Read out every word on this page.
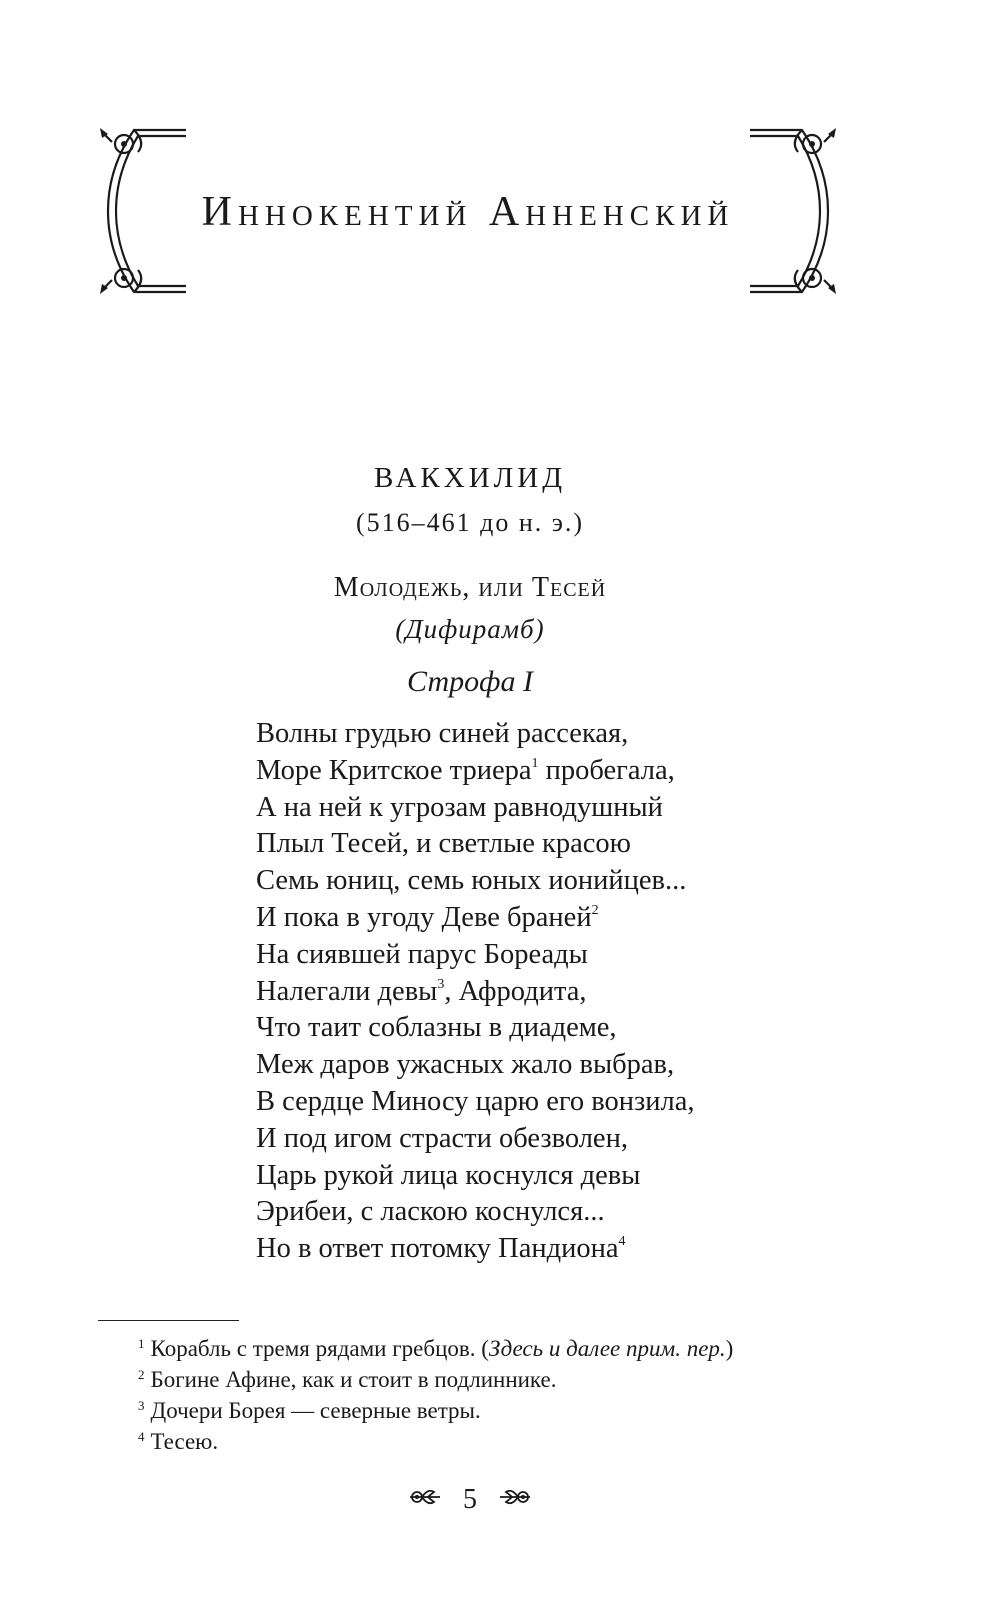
Иннокентий Анненский
ВАКХИЛИД
(516–461 до н. э.)
Молодежь, или Тесей
(Дифирамб)
Строфа I
Волны грудью синей рассекая,
Море Критское триера$^1$ пробегала,
А на ней к угрозам равнодушный
Плыл Тесей, и светлые красою
Семь юниц, семь юных ионийцев...
И пока в угоду Деве браней$^2$
На сиявшей парус Бореады
Налегали девы$^3$, Афродита,
Что таит соблазны в диадеме,
Меж даров ужасных жало выбрав,
В сердце Миносу царю его вонзила,
И под игом страсти обезволен,
Царь рукой лица коснулся девы
Эрибеи, с ласкою коснулся...
Но в ответ потомку Пандиона$^4$
$^1$ Корабль с тремя рядами гребцов. (Здесь и далее прим. пер.)
$^2$ Богине Афине, как и стоит в подлиннике.
$^3$ Дочери Борея — северные ветры.
$^4$ Тесею.
5
